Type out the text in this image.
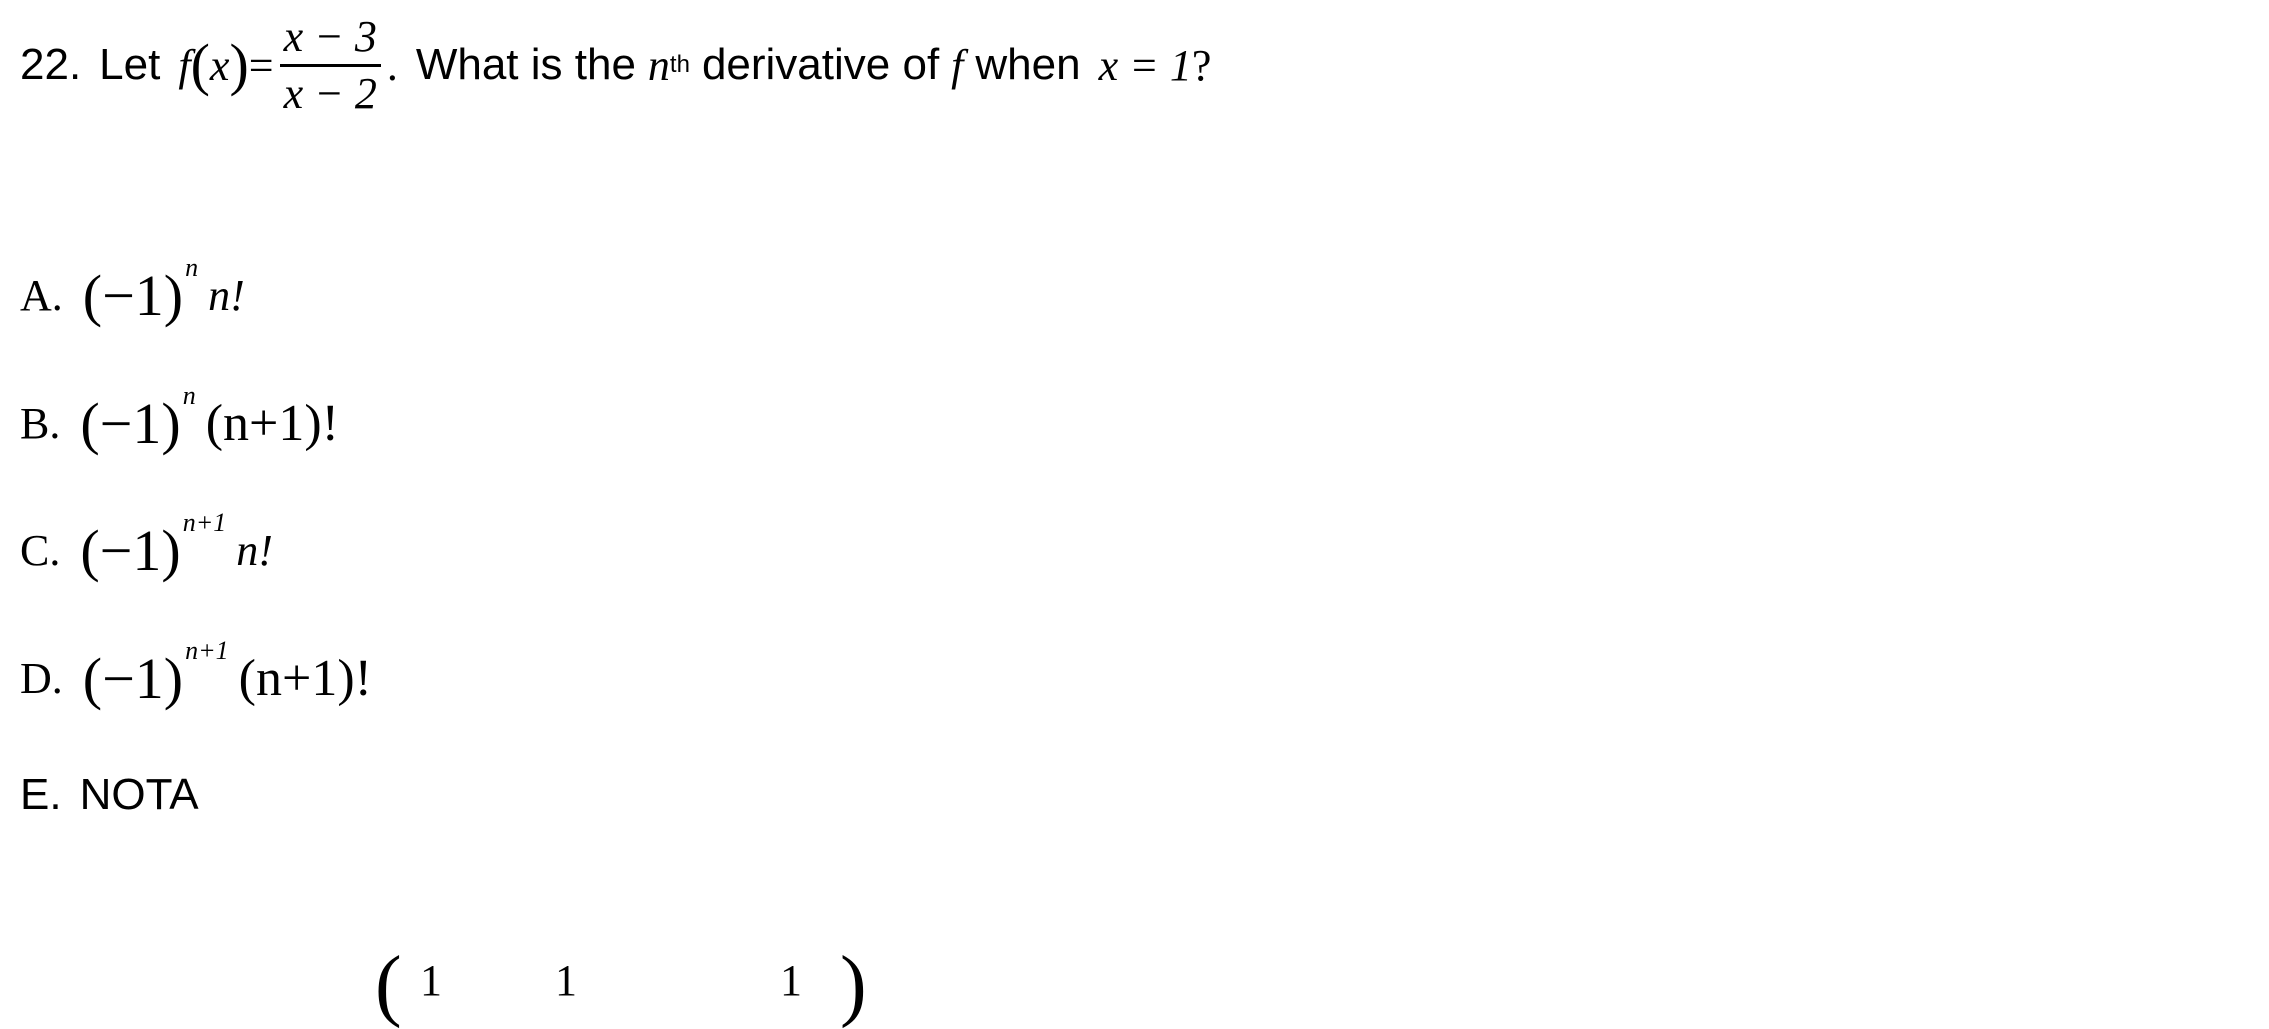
22. Let f ( x ) = $\frac{x - 3}{x - 2}$ . What is the n th derivative of f when x = 1 ?
A. (−1) n
n!
B. (−1) n (n+1)!
C. (−1) n+1
n!
D. (−1) n+1 (n+1)!
E. NOTA
( 1	1	1 )
